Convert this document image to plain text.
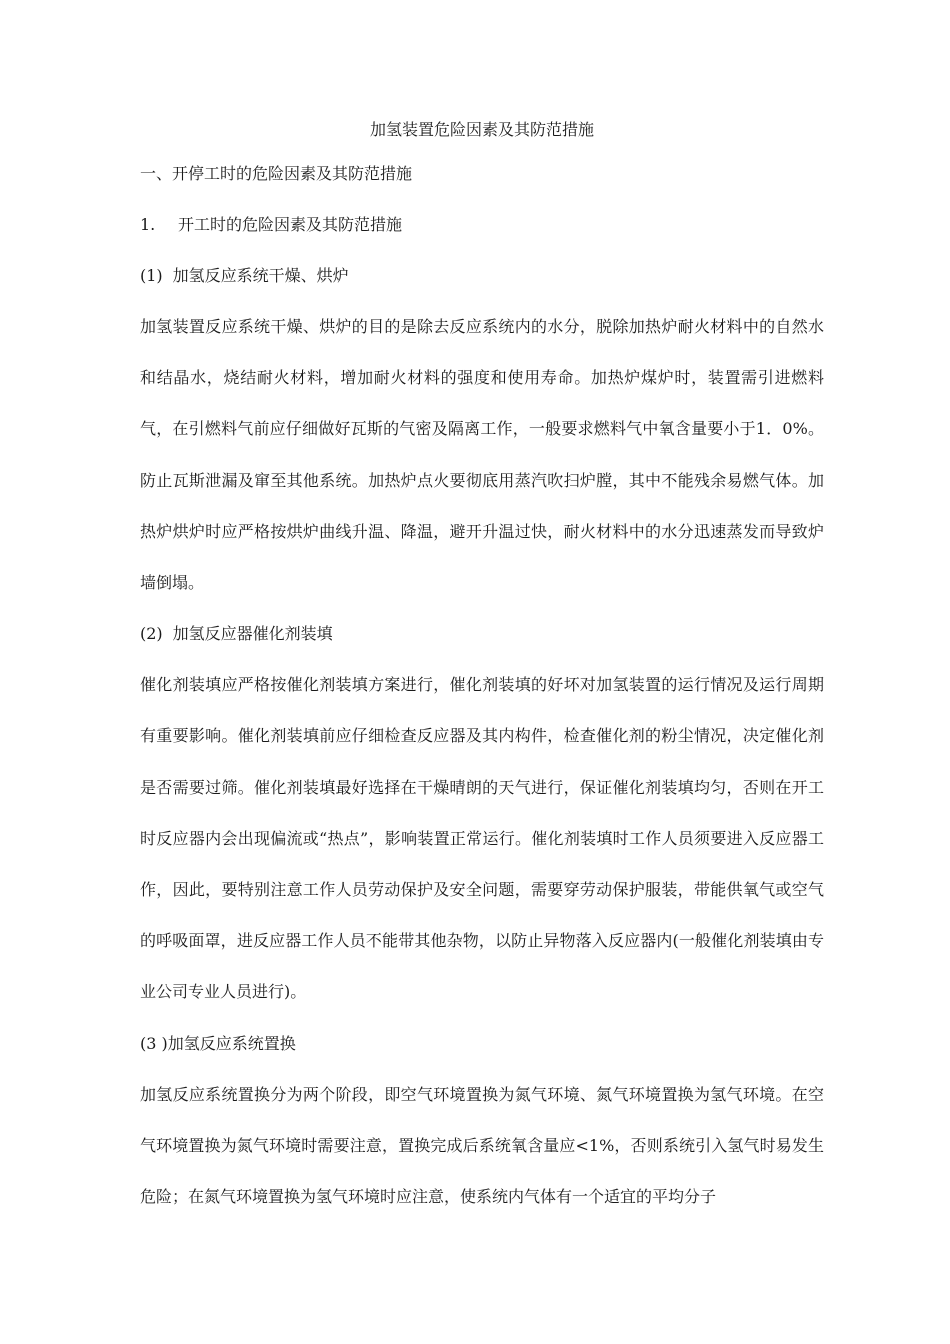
加氢装置危险因素及其防范措施

一、开停工时的危险因素及其防范措施

1. 开工时的危险因素及其防范措施

(1) 加氢反应系统干燥、烘炉

加氢装置反应系统干燥、烘炉的目的是除去反应系统内的水分，脱除加热炉耐火材料中的自然水和结晶水，烧结耐火材料，增加耐火材料的强度和使用寿命。加热炉煤炉时，装置需引进燃料气，在引燃料气前应仔细做好瓦斯的气密及隔离工作，一般要求燃料气中氧含量要小于1．0%。防止瓦斯泄漏及窜至其他系统。加热炉点火要彻底用蒸汽吹扫炉膛，其中不能残余易燃气体。加热炉烘炉时应严格按烘炉曲线升温、降温，避开升温过快，耐火材料中的水分迅速蒸发而导致炉墙倒塌。

(2) 加氢反应器催化剂装填

催化剂装填应严格按催化剂装填方案进行，催化剂装填的好坏对加氢装置的运行情况及运行周期有重要影响。催化剂装填前应仔细检查反应器及其内构件，检查催化剂的粉尘情况，决定催化剂是否需要过筛。催化剂装填最好选择在干燥晴朗的天气进行，保证催化剂装填均匀，否则在开工时反应器内会出现偏流或“热点”，影响装置正常运行。催化剂装填时工作人员须要进入反应器工作，因此，要特别注意工作人员劳动保护及安全问题，需要穿劳动保护服装，带能供氧气或空气的呼吸面罩，进反应器工作人员不能带其他杂物，以防止异物落入反应器内(一般催化剂装填由专业公司专业人员进行)。

(3 )加氢反应系统置换

加氢反应系统置换分为两个阶段，即空气环境置换为氮气环境、氮气环境置换为氢气环境。在空气环境置换为氮气环境时需要注意，置换完成后系统氧含量应<1%，否则系统引入氢气时易发生危险；在氮气环境置换为氢气环境时应注意，使系统内气体有一个适宜的平均分子
